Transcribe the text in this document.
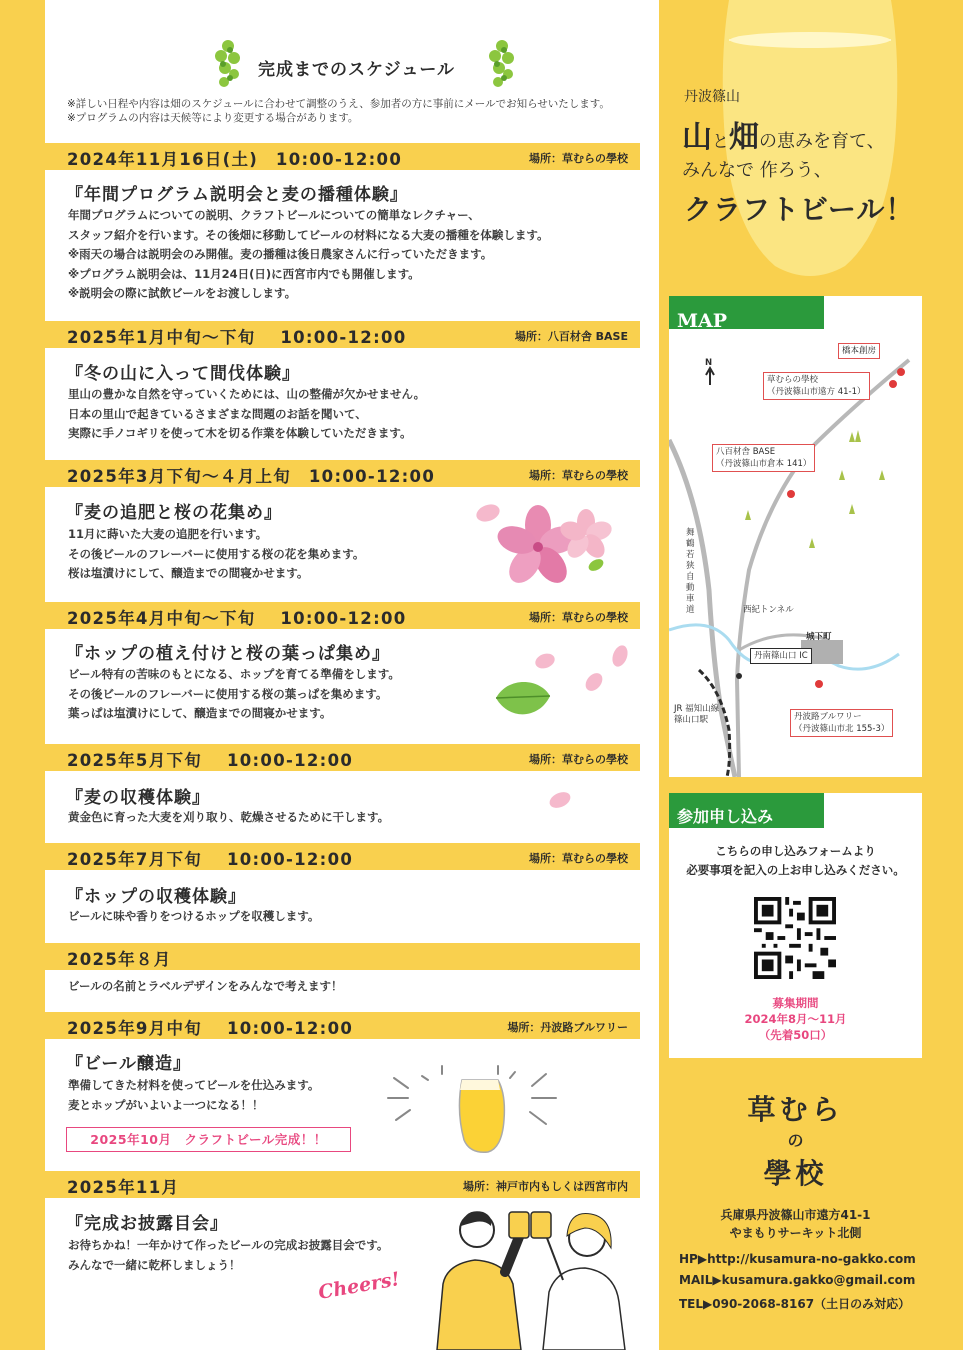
完成までのスケジュール
※詳しい日程や内容は畑のスケジュールに合わせて調整のうえ、参加者の方に事前にメールでお知らせいたします。
※プログラムの内容は天候等により変更する場合があります。
2024年11月16日(土)　10:00-12:00	場所：草むらの學校
『年間プログラム説明会と麦の播種体験』
年間プログラムについての説明、クラフトビールについての簡単なレクチャー、
スタッフ紹介を行います。その後畑に移動してビールの材料になる大麦の播種を体験します。
※雨天の場合は説明会のみ開催。麦の播種は後日農家さんに行っていただきます。
※プログラム説明会は、11月24日(日)に西宮市内でも開催します。
※説明会の際に試飲ビールをお渡しします。
2025年1月中旬〜下旬　 10:00-12:00	場所：八百材舎 BASE
『冬の山に入って間伐体験』
里山の豊かな自然を守っていくためには、山の整備が欠かせません。
日本の里山で起きているさまざまな問題のお話を聞いて、
実際に手ノコギリを使って木を切る作業を体験していただきます。
2025年3月下旬〜４月上旬　10:00-12:00	場所：草むらの學校
『麦の追肥と桜の花集め』
11月に蒔いた大麦の追肥を行います。
その後ビールのフレーバーに使用する桜の花を集めます。
桜は塩漬けにして、醸造までの間寝かせます。
2025年4月中旬〜下旬　 10:00-12:00	場所：草むらの學校
『ホップの植え付けと桜の葉っぱ集め』
ビール特有の苦味のもとになる、ホップを育てる準備をします。
その後ビールのフレーバーに使用する桜の葉っぱを集めます。
葉っぱは塩漬けにして、醸造までの間寝かせます。
2025年5月下旬　 10:00-12:00	場所：草むらの學校
『麦の収穫体験』
黄金色に育った大麦を刈り取り、乾燥させるために干します。
2025年7月下旬　 10:00-12:00	場所：草むらの學校
『ホップの収穫体験』
ビールに味や香りをつけるホップを収穫します。
2025年８月
ビールの名前とラベルデザインをみんなで考えます！
2025年9月中旬　 10:00-12:00	場所：丹波路ブルワリー
『ビール醸造』
準備してきた材料を使ってビールを仕込みます。
麦とホップがいよいよ一つになる！！
2025年10月　クラフトビール完成！！
2025年11月	場所：神戸市内もしくは西宮市内
『完成お披露目会』
お待ちかね！一年かけて作ったビールの完成お披露目会です。
みんなで一緒に乾杯しましょう！
Cheers!
丹波篠山
山と畑の恵みを育て、
みんなで 作ろう、
クラフトビール！
MAP
N
橋本創房
草むらの學校
（丹波篠山市遠方 41-1）
八百材舎 BASE
（丹波篠山市倉本 141）
舞鶴若狭自動車道	西紀トンネル
城下町
丹南篠山口 IC
JR 福知山線
篠山口駅	丹波路ブルワリー
（丹波篠山市北 155-3）
参加申し込み
こちらの申し込みフォームより
必要事項を記入の上お申し込みください。
募集期間
2024年8月〜11月
（先着50口）
草むら
の
學校
兵庫県丹波篠山市遠方41-1
やまもりサーキット北側
HP▶http://kusamura-no-gakko.com
MAIL▶kusamura.gakko@gmail.com
TEL▶090-2068-8167（土日のみ対応）
